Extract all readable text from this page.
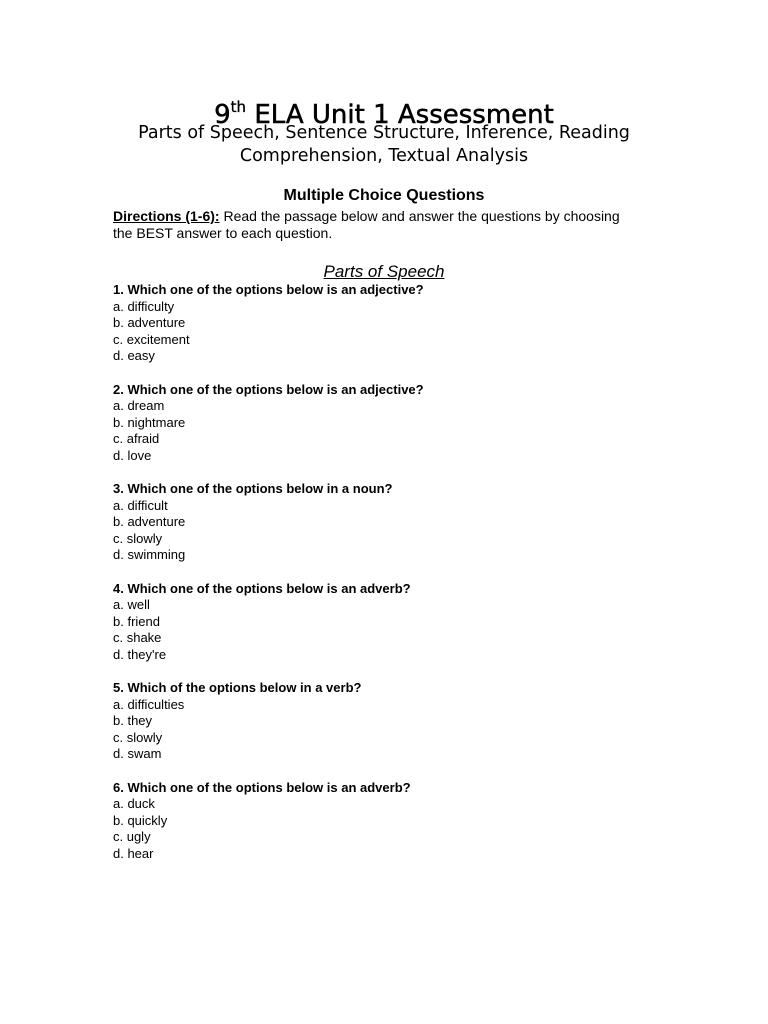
9th ELA Unit 1 Assessment
Parts of Speech, Sentence Structure, Inference, Reading
Comprehension, Textual Analysis
Multiple Choice Questions
Directions (1-6): Read the passage below and answer the questions by choosing the BEST answer to each question.
Parts of Speech
1. Which one of the options below is an adjective?
a. difficulty
b. adventure
c. excitement
d. easy
2. Which one of the options below is an adjective?
a. dream
b. nightmare
c. afraid
d. love
3. Which one of the options below in a noun?
a. difficult
b. adventure
c. slowly
d. swimming
4. Which one of the options below is an adverb?
a. well
b. friend
c. shake
d. they're
5. Which of the options below in a verb?
a. difficulties
b. they
c. slowly
d. swam
6. Which one of the options below is an adverb?
a. duck
b. quickly
c. ugly
d. hear
